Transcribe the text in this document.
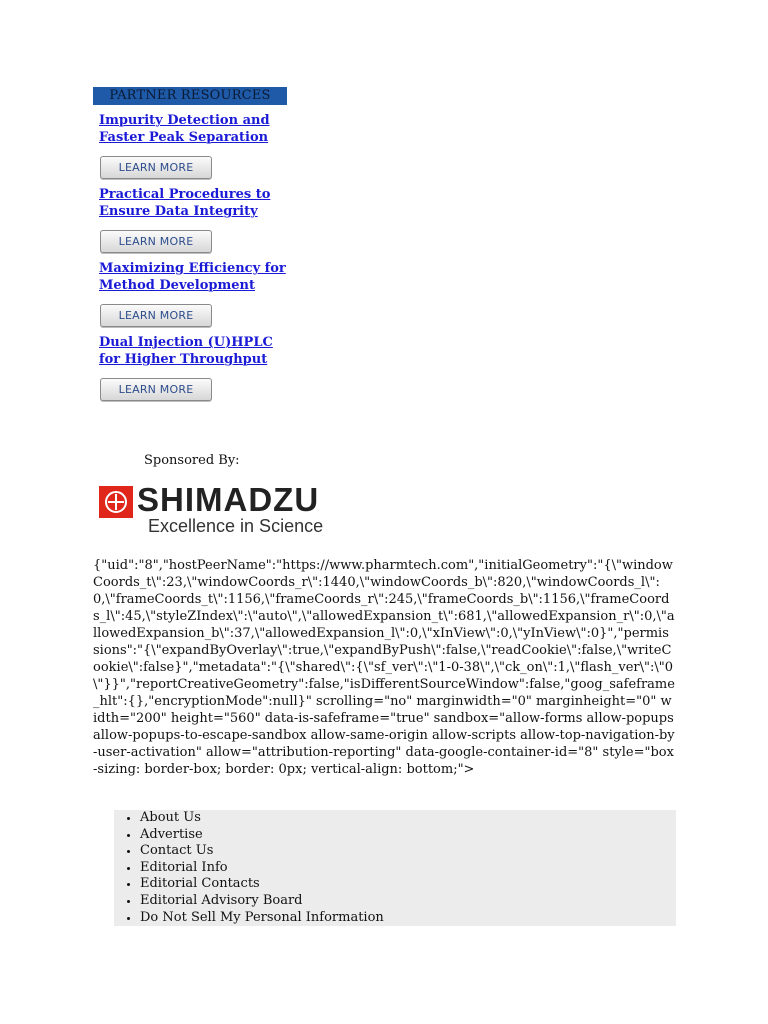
PARTNER RESOURCES
Impurity Detection and
Faster Peak Separation
LEARN MORE
Practical Procedures to
Ensure Data Integrity
LEARN MORE
Maximizing Efficiency for
Method Development
LEARN MORE
Dual Injection (U)HPLC
for Higher Throughput
LEARN MORE
Sponsored By:
SHIMADZU
Excellence in Science
{"uid":"8","hostPeerName":"https://www.pharmtech.com","initialGeometry":"{\"windowCoords_t\":23,\"windowCoords_r\":1440,\"windowCoords_b\":820,\"windowCoords_l\":0,\"frameCoords_t\":1156,\"frameCoords_r\":245,\"frameCoords_b\":1156,\"frameCoords_l\":45,\"styleZIndex\":\"auto\",\"allowedExpansion_t\":681,\"allowedExpansion_r\":0,\"allowedExpansion_b\":37,\"allowedExpansion_l\":0,\"xInView\":0,\"yInView\":0}","permissions":"{\"expandByOverlay\":true,\"expandByPush\":false,\"readCookie\":false,\"writeCookie\":false}","metadata":"{\"shared\":{\"sf_ver\":\"1-0-38\",\"ck_on\":1,\"flash_ver\":\"0\"}}","reportCreativeGeometry":false,"isDifferentSourceWindow":false,"goog_safeframe_hlt":{},"encryptionMode":null}" scrolling="no" marginwidth="0" marginheight="0" width="200" height="560" data-is-safeframe="true" sandbox="allow-forms allow-popups allow-popups-to-escape-sandbox allow-same-origin allow-scripts allow-top-navigation-by-user-activation" allow="attribution-reporting" data-google-container-id="8" style="box-sizing: border-box; border: 0px; vertical-align: bottom;">
• About Us
• Advertise
• Contact Us
• Editorial Info
• Editorial Contacts
• Editorial Advisory Board
• Do Not Sell My Personal Information
